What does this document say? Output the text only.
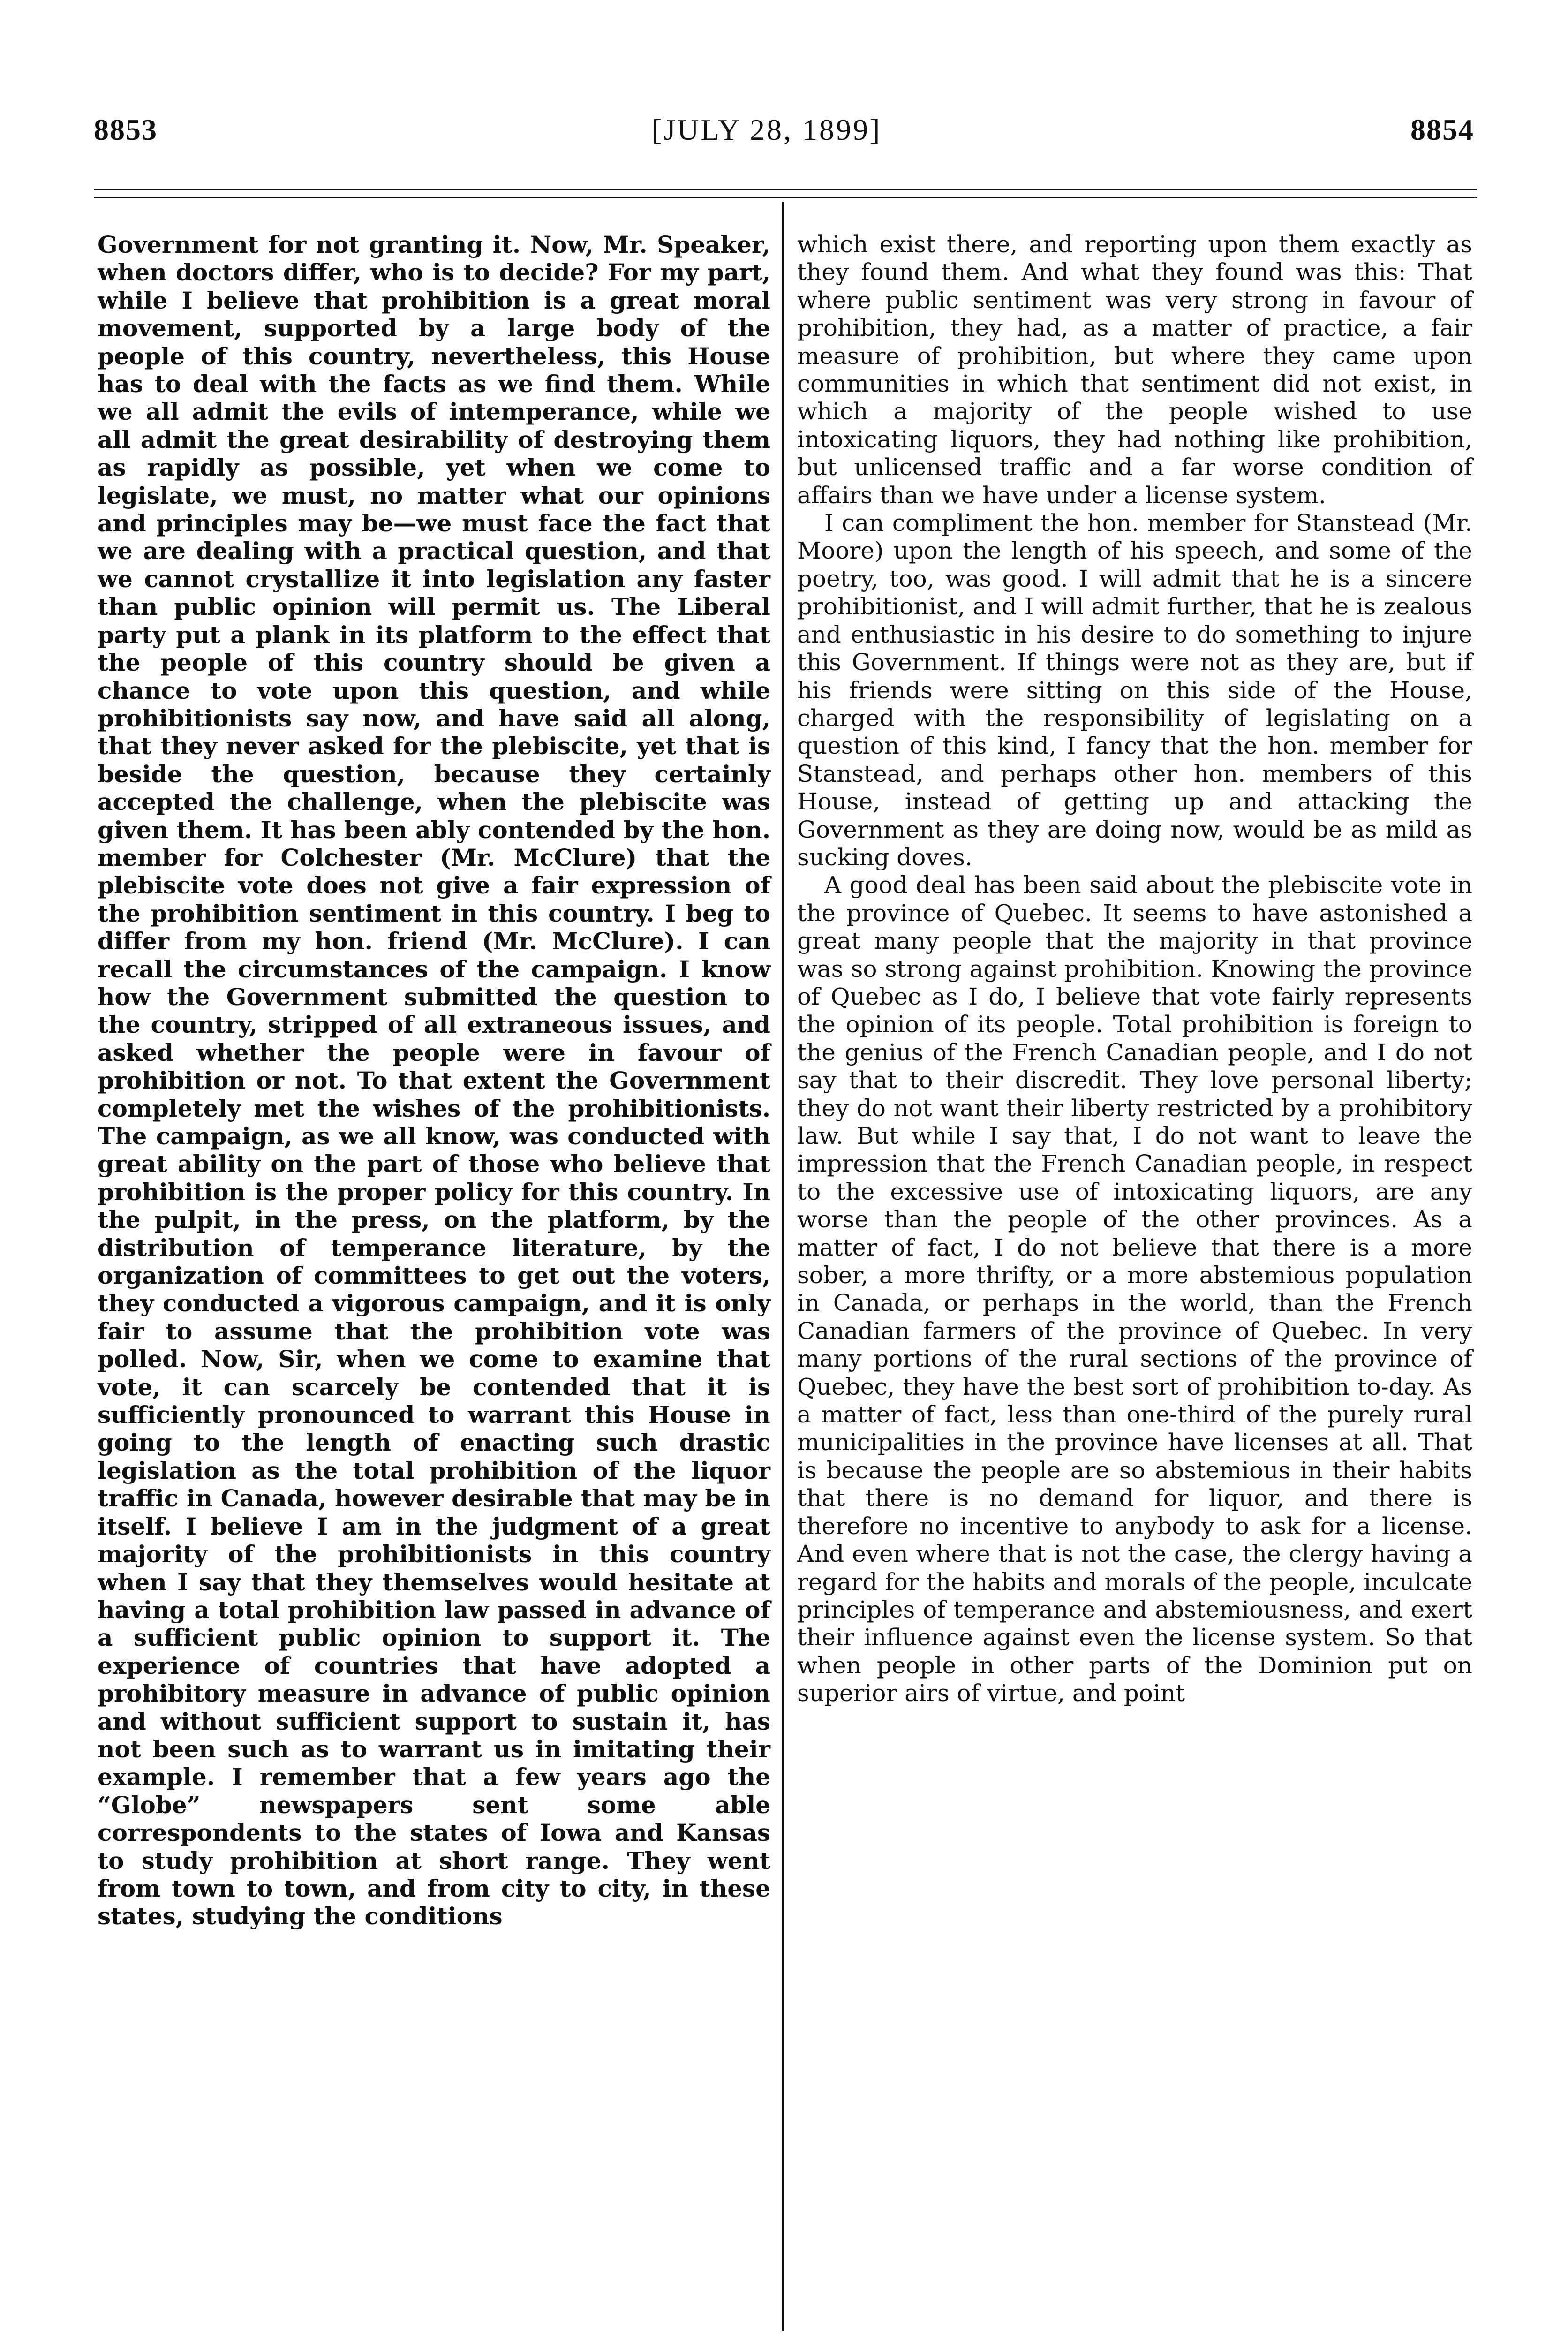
8853	[JULY 28, 1899]	8854

Government for not granting it. Now, Mr. Speaker, when doctors differ, who is to decide? For my part, while I believe that prohibition is a great moral movement, supported by a large body of the people of this country, nevertheless, this House has to deal with the facts as we find them. While we all admit the evils of intemperance, while we all admit the great desirability of destroying them as rapidly as possible, yet when we come to legislate, we must, no matter what our opinions and principles may be—we must face the fact that we are dealing with a practical question, and that we cannot crystallize it into legislation any faster than public opinion will permit us. The Liberal party put a plank in its platform to the effect that the people of this country should be given a chance to vote upon this question, and while prohibitionists say now, and have said all along, that they never asked for the plebiscite, yet that is beside the question, because they certainly accepted the challenge, when the plebiscite was given them. It has been ably contended by the hon. member for Colchester (Mr. McClure) that the plebiscite vote does not give a fair expression of the prohibition sentiment in this country. I beg to differ from my hon. friend (Mr. McClure). I can recall the circumstances of the campaign. I know how the Government submitted the question to the country, stripped of all extraneous issues, and asked whether the people were in favour of prohibition or not. To that extent the Government completely met the wishes of the prohibitionists. The campaign, as we all know, was conducted with great ability on the part of those who believe that prohibition is the proper policy for this country. In the pulpit, in the press, on the platform, by the distribution of temperance literature, by the organization of committees to get out the voters, they conducted a vigorous campaign, and it is only fair to assume that the prohibition vote was polled. Now, Sir, when we come to examine that vote, it can scarcely be contended that it is sufficiently pronounced to warrant this House in going to the length of enacting such drastic legislation as the total prohibition of the liquor traffic in Canada, however desirable that may be in itself. I believe I am in the judgment of a great majority of the prohibitionists in this country when I say that they themselves would hesitate at having a total prohibition law passed in advance of a sufficient public opinion to support it. The experience of countries that have adopted a prohibitory measure in advance of public opinion and without sufficient support to sustain it, has not been such as to warrant us in imitating their example. I remember that a few years ago the “Globe” newspapers sent some able correspondents to the states of Iowa and Kansas to study prohibition at short range. They went from town to town, and from city to city, in these states, studying the conditions

which exist there, and reporting upon them exactly as they found them. And what they found was this: That where public sentiment was very strong in favour of prohibition, they had, as a matter of practice, a fair measure of prohibition, but where they came upon communities in which that sentiment did not exist, in which a majority of the people wished to use intoxicating liquors, they had nothing like prohibition, but unlicensed traffic and a far worse condition of affairs than we have under a license system.

I can compliment the hon. member for Stanstead (Mr. Moore) upon the length of his speech, and some of the poetry, too, was good. I will admit that he is a sincere prohibitionist, and I will admit further, that he is zealous and enthusiastic in his desire to do something to injure this Government. If things were not as they are, but if his friends were sitting on this side of the House, charged with the responsibility of legislating on a question of this kind, I fancy that the hon. member for Stanstead, and perhaps other hon. members of this House, instead of getting up and attacking the Government as they are doing now, would be as mild as sucking doves.

A good deal has been said about the plebiscite vote in the province of Quebec. It seems to have astonished a great many people that the majority in that province was so strong against prohibition. Knowing the province of Quebec as I do, I believe that vote fairly represents the opinion of its people. Total prohibition is foreign to the genius of the French Canadian people, and I do not say that to their discredit. They love personal liberty; they do not want their liberty restricted by a prohibitory law. But while I say that, I do not want to leave the impression that the French Canadian people, in respect to the excessive use of intoxicating liquors, are any worse than the people of the other provinces. As a matter of fact, I do not believe that there is a more sober, a more thrifty, or a more abstemious population in Canada, or perhaps in the world, than the French Canadian farmers of the province of Quebec. In very many portions of the rural sections of the province of Quebec, they have the best sort of prohibition to-day. As a matter of fact, less than one-third of the purely rural municipalities in the province have licenses at all. That is because the people are so abstemious in their habits that there is no demand for liquor, and there is therefore no incentive to anybody to ask for a license. And even where that is not the case, the clergy having a regard for the habits and morals of the people, inculcate principles of temperance and abstemiousness, and exert their influence against even the license system. So that when people in other parts of the Dominion put on superior airs of virtue, and point
